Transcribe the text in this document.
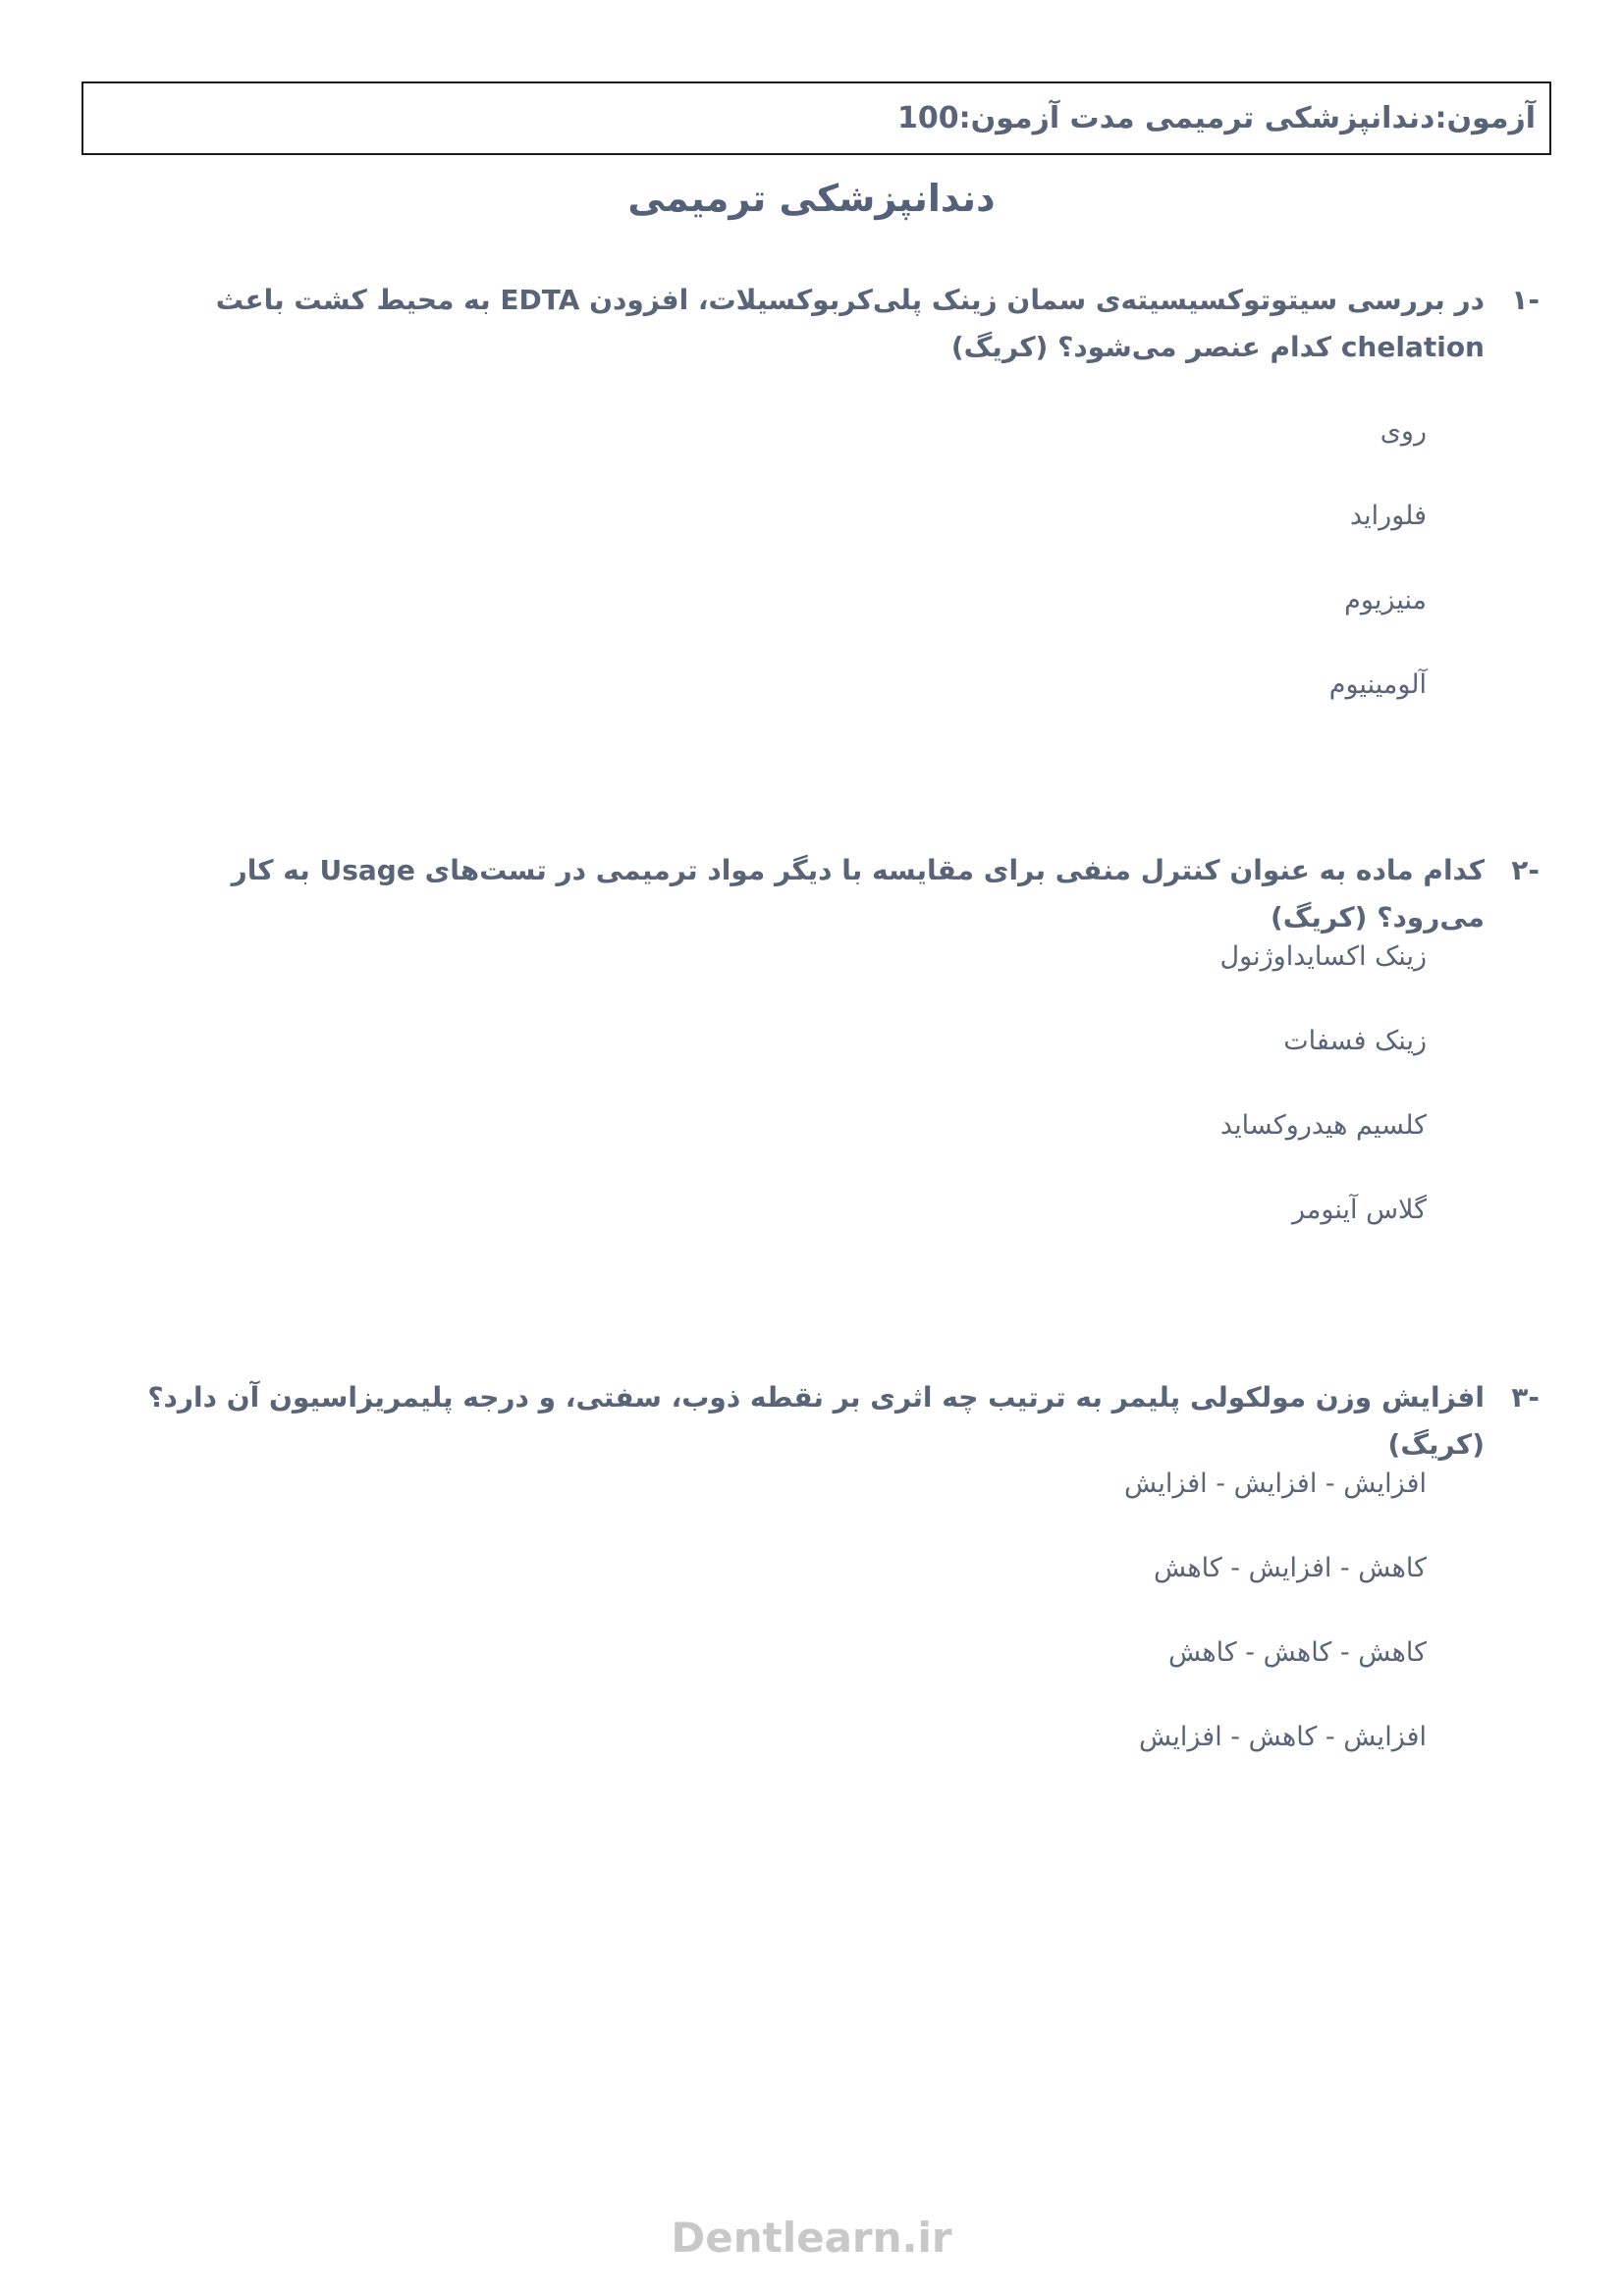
آزمون:دندانپزشکی ترمیمی مدت آزمون:100
دندانپزشکی ترمیمی
-۱
در بررسی سیتوتوکسیسیته‌ی سمان زینک پلی‌کربوکسیلات، افزودن EDTA به محیط کشت باعث chelation کدام عنصر می‌شود؟ (کریگ)
روی
فلوراید
منیزیوم
آلومینیوم
-۲
کدام ماده به عنوان کنترل منفی برای مقایسه با دیگر مواد ترمیمی در تست‌های Usage به کار می‌رود؟ (کریگ)
زینک اکسایداوژنول
زینک فسفات
کلسیم هیدروکساید
گلاس آینومر
-۳
افزایش وزن مولکولی پلیمر به ترتیب چه اثری بر نقطه ذوب، سفتی، و درجه پلیمریزاسیون آن دارد؟ (کریگ)
افزایش - افزایش - افزایش
کاهش - افزایش - کاهش
کاهش - کاهش - کاهش
افزایش - کاهش - افزایش
Dentlearn.ir
